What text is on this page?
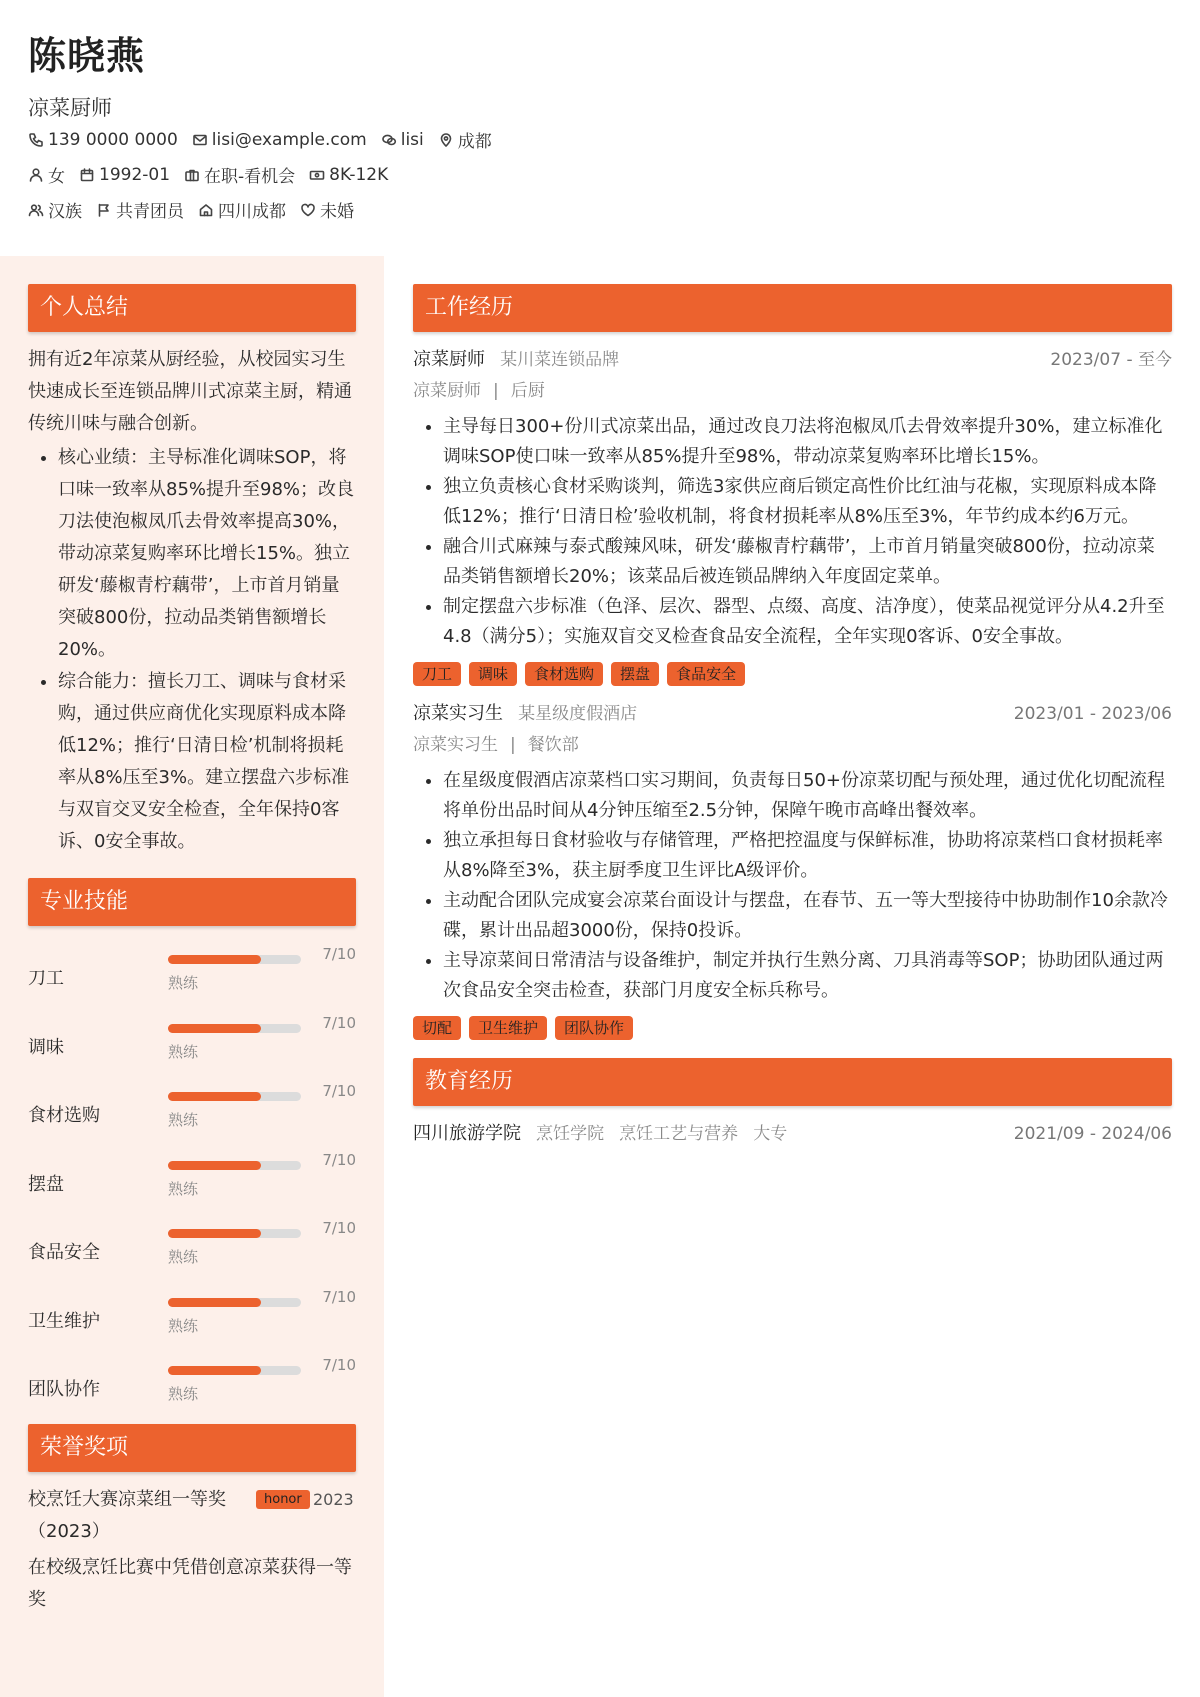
陈晓燕
凉菜厨师
139 0000 0000 lisi@example.com lisi 成都
女 1992-01 在职-看机会 8K-12K
汉族 共青团员 四川成都 未婚
个人总结
拥有近2年凉菜从厨经验，从校园实习生快速成长至连锁品牌川式凉菜主厨，精通传统川味与融合创新。
• 核心业绩：主导标准化调味SOP，将口味一致率从85%提升至98%；改良刀法使泡椒凤爪去骨效率提高30%，带动凉菜复购率环比增长15%。独立研发‘藤椒青柠藕带’，上市首月销量突破800份，拉动品类销售额增长20%。
• 综合能力：擅长刀工、调味与食材采购，通过供应商优化实现原料成本降低12%；推行‘日清日检’机制将损耗率从8%压至3%。建立摆盘六步标准与双盲交叉安全检查，全年保持0客诉、0安全事故。
专业技能
刀工
7/10
熟练
调味
7/10
熟练
食材选购
7/10
熟练
摆盘
7/10
熟练
食品安全
7/10
熟练
卫生维护
7/10
熟练
团队协作
7/10
熟练
荣誉奖项
校烹饪大赛凉菜组一等奖（2023）
honor 2023
在校级烹饪比赛中凭借创意凉菜获得一等奖
工作经历
凉菜厨师 某川菜连锁品牌	2023/07 - 至今
凉菜厨师 | 后厨
• 主导每日300+份川式凉菜出品，通过改良刀法将泡椒凤爪去骨效率提升30%，建立标准化调味SOP使口味一致率从85%提升至98%，带动凉菜复购率环比增长15%。
• 独立负责核心食材采购谈判，筛选3家供应商后锁定高性价比红油与花椒，实现原料成本降低12%；推行‘日清日检’验收机制，将食材损耗率从8%压至3%，年节约成本约6万元。
• 融合川式麻辣与泰式酸辣风味，研发‘藤椒青柠藕带’，上市首月销量突破800份，拉动凉菜品类销售额增长20%；该菜品后被连锁品牌纳入年度固定菜单。
• 制定摆盘六步标准（色泽、层次、器型、点缀、高度、洁净度），使菜品视觉评分从4.2升至4.8（满分5）；实施双盲交叉检查食品安全流程，全年实现0客诉、0安全事故。
刀工	调味	食材选购	摆盘	食品安全
凉菜实习生 某星级度假酒店	2023/01 - 2023/06
凉菜实习生 | 餐饮部
• 在星级度假酒店凉菜档口实习期间，负责每日50+份凉菜切配与预处理，通过优化切配流程将单份出品时间从4分钟压缩至2.5分钟，保障午晚市高峰出餐效率。
• 独立承担每日食材验收与存储管理，严格把控温度与保鲜标准，协助将凉菜档口食材损耗率从8%降至3%，获主厨季度卫生评比A级评价。
• 主动配合团队完成宴会凉菜台面设计与摆盘，在春节、五一等大型接待中协助制作10余款冷碟，累计出品超3000份，保持0投诉。
• 主导凉菜间日常清洁与设备维护，制定并执行生熟分离、刀具消毒等SOP；协助团队通过两次食品安全突击检查，获部门月度安全标兵称号。
切配	卫生维护	团队协作
教育经历
四川旅游学院 烹饪学院 烹饪工艺与营养 大专	2021/09 - 2024/06
